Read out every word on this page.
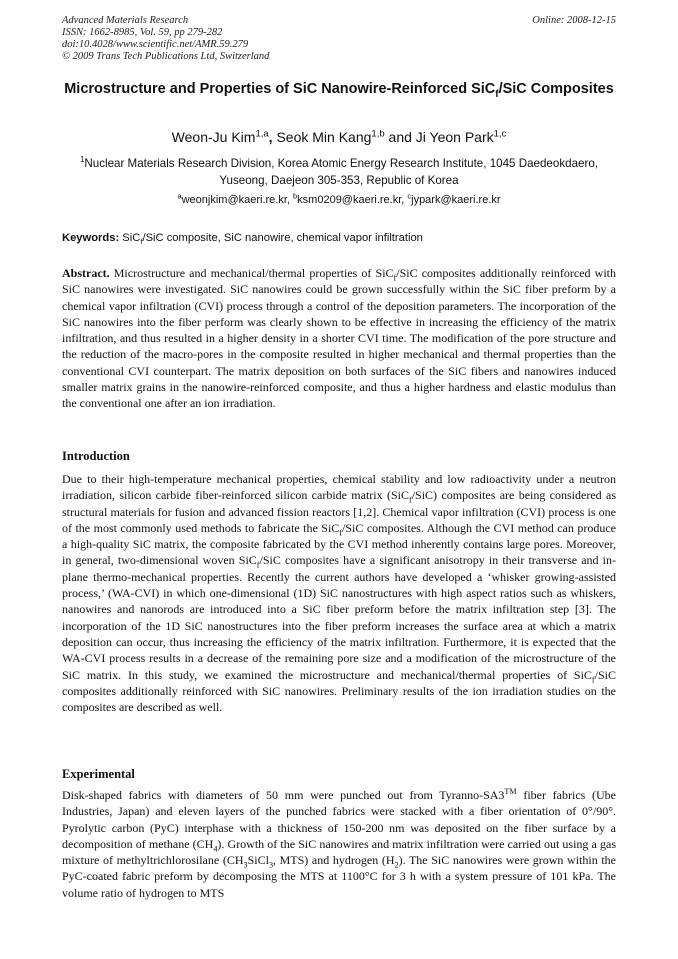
Advanced Materials Research
ISSN: 1662-8985, Vol. 59, pp 279-282
doi:10.4028/www.scientific.net/AMR.59.279
© 2009 Trans Tech Publications Ltd, Switzerland
Online: 2008-12-15
Microstructure and Properties of SiC Nanowire-Reinforced SiC$_f$/SiC Composites
Weon-Ju Kim$^{1,a}$, Seok Min Kang$^{1,b}$ and Ji Yeon Park$^{1,c}$
$^1$Nuclear Materials Research Division, Korea Atomic Energy Research Institute, 1045 Daedeokdaero, Yuseong, Daejeon 305-353, Republic of Korea
$^a$weonjkim@kaeri.re.kr, $^b$ksm0209@kaeri.re.kr, $^c$jypark@kaeri.re.kr
Keywords: SiC$_f$/SiC composite, SiC nanowire, chemical vapor infiltration
Abstract. Microstructure and mechanical/thermal properties of SiC$_f$/SiC composites additionally reinforced with SiC nanowires were investigated. SiC nanowires could be grown successfully within the SiC fiber preform by a chemical vapor infiltration (CVI) process through a control of the deposition parameters. The incorporation of the SiC nanowires into the fiber perform was clearly shown to be effective in increasing the efficiency of the matrix infiltration, and thus resulted in a higher density in a shorter CVI time. The modification of the pore structure and the reduction of the macro-pores in the composite resulted in higher mechanical and thermal properties than the conventional CVI counterpart. The matrix deposition on both surfaces of the SiC fibers and nanowires induced smaller matrix grains in the nanowire-reinforced composite, and thus a higher hardness and elastic modulus than the conventional one after an ion irradiation.
Introduction
Due to their high-temperature mechanical properties, chemical stability and low radioactivity under a neutron irradiation, silicon carbide fiber-reinforced silicon carbide matrix (SiC$_f$/SiC) composites are being considered as structural materials for fusion and advanced fission reactors [1,2]. Chemical vapor infiltration (CVI) process is one of the most commonly used methods to fabricate the SiC$_f$/SiC composites. Although the CVI method can produce a high-quality SiC matrix, the composite fabricated by the CVI method inherently contains large pores. Moreover, in general, two-dimensional woven SiC$_f$/SiC composites have a significant anisotropy in their transverse and in-plane thermo-mechanical properties. Recently the current authors have developed a ‘whisker growing-assisted process,’ (WA-CVI) in which one-dimensional (1D) SiC nanostructures with high aspect ratios such as whiskers, nanowires and nanorods are introduced into a SiC fiber preform before the matrix infiltration step [3]. The incorporation of the 1D SiC nanostructures into the fiber preform increases the surface area at which a matrix deposition can occur, thus increasing the efficiency of the matrix infiltration. Furthermore, it is expected that the WA-CVI process results in a decrease of the remaining pore size and a modification of the microstructure of the SiC matrix. In this study, we examined the microstructure and mechanical/thermal properties of SiC$_f$/SiC composites additionally reinforced with SiC nanowires. Preliminary results of the ion irradiation studies on the composites are described as well.
Experimental
Disk-shaped fabrics with diameters of 50 mm were punched out from Tyranno-SA3™ fiber fabrics (Ube Industries, Japan) and eleven layers of the punched fabrics were stacked with a fiber orientation of 0°/90°. Pyrolytic carbon (PyC) interphase with a thickness of 150-200 nm was deposited on the fiber surface by a decomposition of methane $(CH_4)$. Growth of the SiC nanowires and matrix infiltration were carried out using a gas mixture of methyltrichlorosilane ($CH_3SiCl_3$, MTS) and hydrogen $(H_2)$. The SiC nanowires were grown within the PyC-coated fabric preform by decomposing the MTS at 1100°C for 3 h with a system pressure of 101 kPa. The volume ratio of hydrogen to MTS
